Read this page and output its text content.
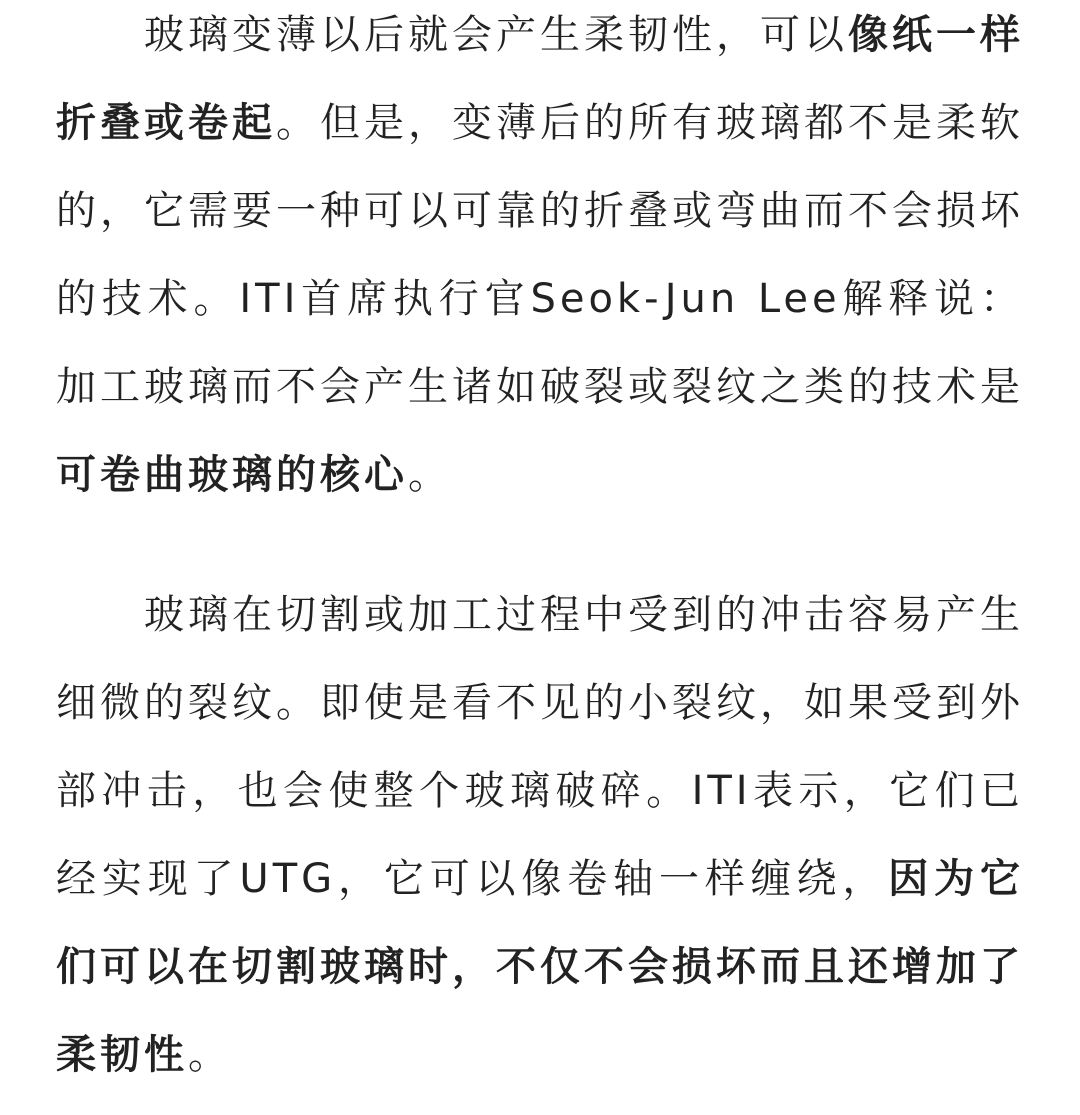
玻璃变薄以后就会产生柔韧性，可以像纸一样折叠或卷起。但是，变薄后的所有玻璃都不是柔软的，它需要一种可以可靠的折叠或弯曲而不会损坏的技术。ITI首席执行官Seok-Jun Lee解释说：加工玻璃而不会产生诸如破裂或裂纹之类的技术是可卷曲玻璃的核心。

玻璃在切割或加工过程中受到的冲击容易产生细微的裂纹。即使是看不见的小裂纹，如果受到外部冲击，也会使整个玻璃破碎。ITI表示，它们已经实现了UTG，它可以像卷轴一样缠绕，因为它们可以在切割玻璃时，不仅不会损坏而且还增加了柔韧性。
